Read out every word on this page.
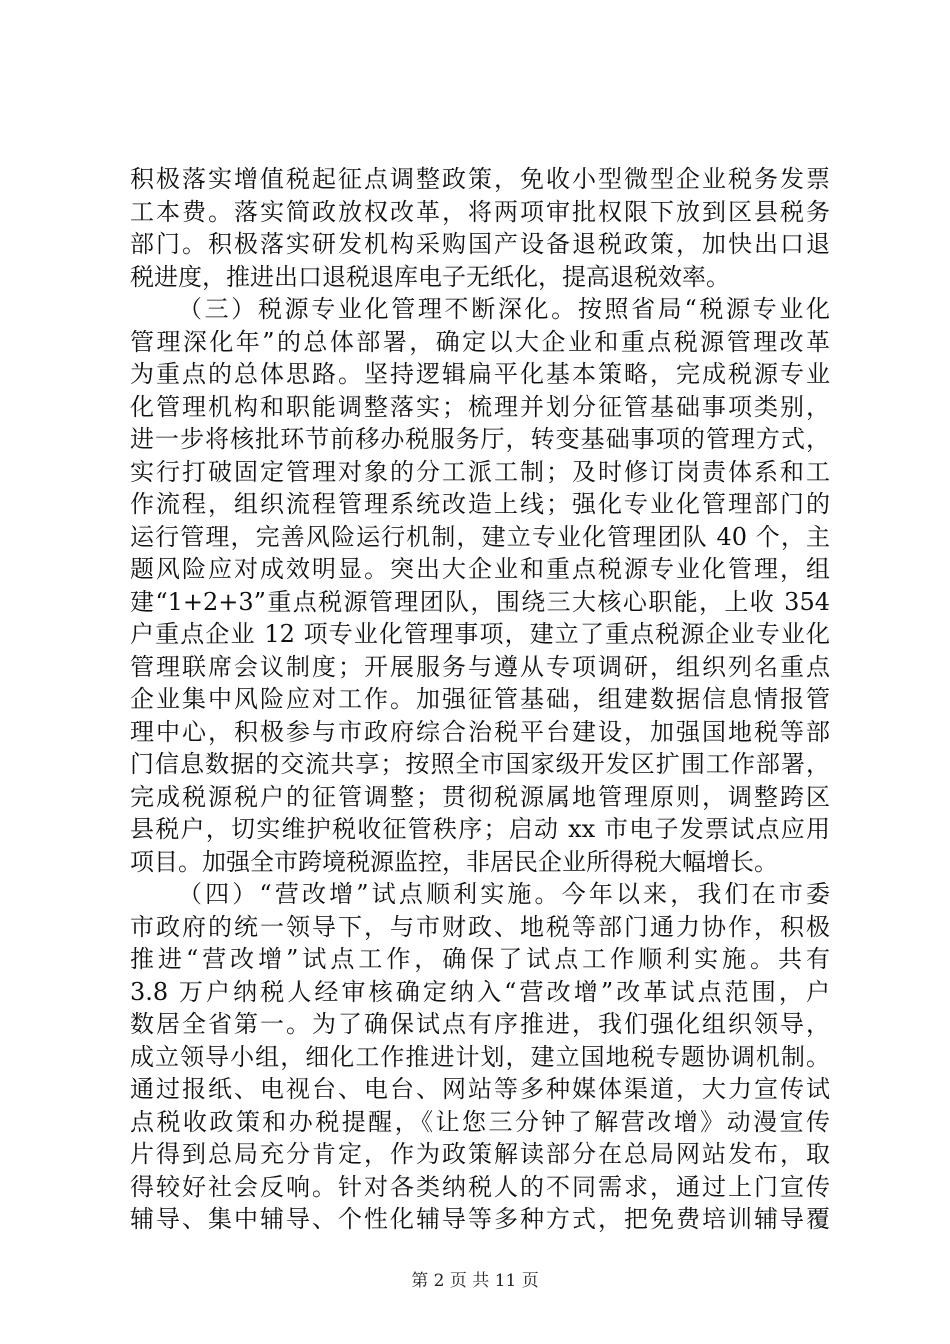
积极落实增值税起征点调整政策，免收小型微型企业税务发票
工本费。落实简政放权改革，将两项审批权限下放到区县税务
部门。积极落实研发机构采购国产设备退税政策，加快出口退
税进度，推进出口退税退库电子无纸化，提高退税效率。
（三）税源专业化管理不断深化。按照省局“税源专业化
管理深化年”的总体部署，确定以大企业和重点税源管理改革
为重点的总体思路。坚持逻辑扁平化基本策略，完成税源专业
化管理机构和职能调整落实；梳理并划分征管基础事项类别，
进一步将核批环节前移办税服务厅，转变基础事项的管理方式，
实行打破固定管理对象的分工派工制；及时修订岗责体系和工
作流程，组织流程管理系统改造上线；强化专业化管理部门的
运行管理，完善风险运行机制，建立专业化管理团队 40 个，主
题风险应对成效明显。突出大企业和重点税源专业化管理，组
建“1+2+3”重点税源管理团队，围绕三大核心职能，上收 354
户重点企业 12 项专业化管理事项，建立了重点税源企业专业化
管理联席会议制度；开展服务与遵从专项调研，组织列名重点
企业集中风险应对工作。加强征管基础，组建数据信息情报管
理中心，积极参与市政府综合治税平台建设，加强国地税等部
门信息数据的交流共享；按照全市国家级开发区扩围工作部署，
完成税源税户的征管调整；贯彻税源属地管理原则，调整跨区
县税户，切实维护税收征管秩序；启动 xx 市电子发票试点应用
项目。加强全市跨境税源监控，非居民企业所得税大幅增长。
（四）“营改增”试点顺利实施。今年以来，我们在市委
市政府的统一领导下，与市财政、地税等部门通力协作，积极
推进“营改增”试点工作，确保了试点工作顺利实施。共有
3.8 万户纳税人经审核确定纳入“营改增”改革试点范围，户
数居全省第一。为了确保试点有序推进，我们强化组织领导，
成立领导小组，细化工作推进计划，建立国地税专题协调机制。
通过报纸、电视台、电台、网站等多种媒体渠道，大力宣传试
点税收政策和办税提醒，《让您三分钟了解营改增》动漫宣传
片得到总局充分肯定，作为政策解读部分在总局网站发布，取
得较好社会反响。针对各类纳税人的不同需求，通过上门宣传
辅导、集中辅导、个性化辅导等多种方式，把免费培训辅导覆
第 2 页 共 11 页
